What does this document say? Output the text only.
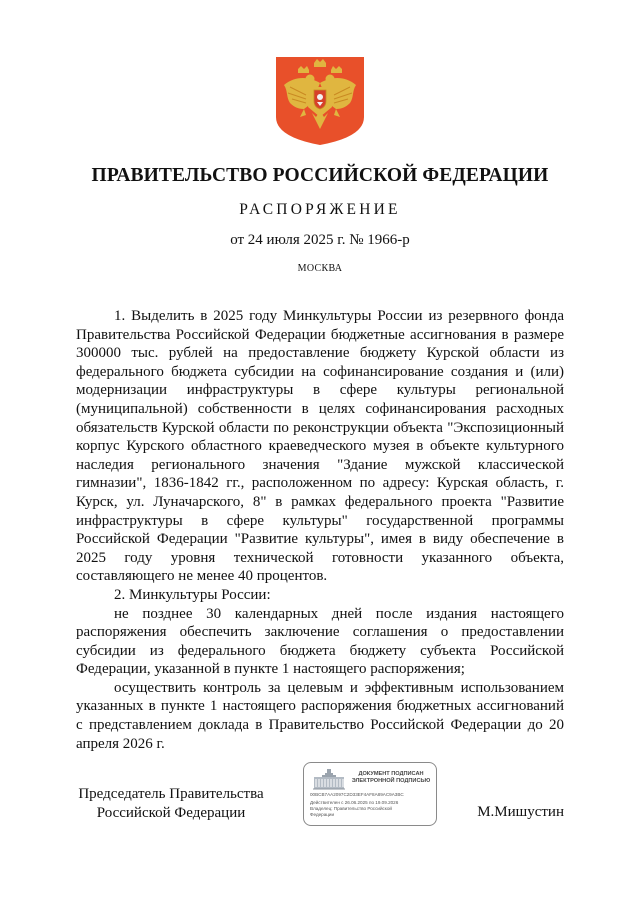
ПРАВИТЕЛЬСТВО РОССИЙСКОЙ ФЕДЕРАЦИИ
РАСПОРЯЖЕНИЕ
от 24 июля 2025 г. № 1966-р
МОСКВА

1. Выделить в 2025 году Минкультуры России из резервного фонда Правительства Российской Федерации бюджетные ассигнования в размере 300000 тыс. рублей на предоставление бюджету Курской области из федерального бюджета субсидии на софинансирование создания и (или) модернизации инфраструктуры в сфере культуры региональной (муниципальной) собственности в целях софинансирования расходных обязательств Курской области по реконструкции объекта "Экспозиционный корпус Курского областного краеведческого музея в объекте культурного наследия регионального значения "Здание мужской классической гимназии", 1836-1842 гг., расположенном по адресу: Курская область, г. Курск, ул. Луначарского, 8" в рамках федерального проекта "Развитие инфраструктуры в сфере культуры" государственной программы Российской Федерации "Развитие культуры", имея в виду обеспечение в 2025 году уровня технической готовности указанного объекта, составляющего не менее 40 процентов.

2. Минкультуры России:

не позднее 30 календарных дней после издания настоящего распоряжения обеспечить заключение соглашения о предоставлении субсидии из федерального бюджета бюджету субъекта Российской Федерации, указанной в пункте 1 настоящего распоряжения;

осуществить контроль за целевым и эффективным использованием указанных в пункте 1 настоящего распоряжения бюджетных ассигнований с представлением доклада в Правительство Российской Федерации до 20 апреля 2026 г.

Председатель Правительства
Российской Федерации
ДОКУМЕНТ ПОДПИСАН
ЭЛЕКТРОННОЙ ПОДПИСЬЮ
00BCB7AA2097C2D33EF4AF8A89AC9A3BC
Действителен с 26.06.2025 по 19.09.2026
Владелец: Правительство Российской
Федерации	М.Мишустин
